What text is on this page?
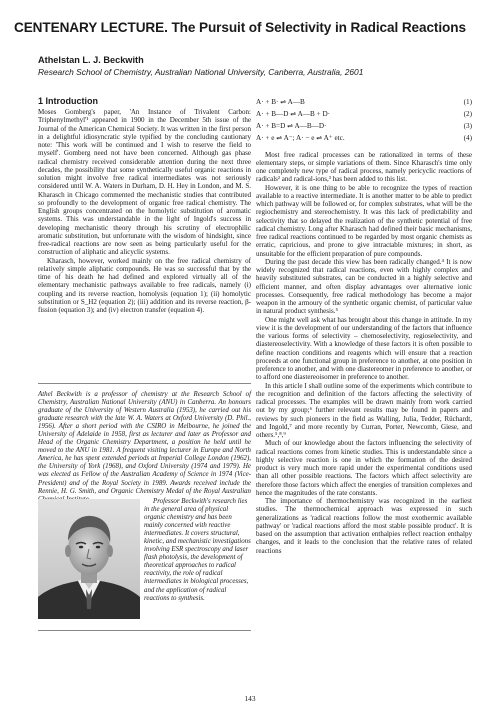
CENTENARY LECTURE. The Pursuit of Selectivity in Radical Reactions
Athelstan L. J. Beckwith
Research School of Chemistry, Australian National University, Canberra, Australia, 2601
1 Introduction

Moses Gomberg's paper, 'An Instance of Trivalent Carbon: Triphenylmethyl'¹ appeared in 1900 in the December 5th issue of the Journal of the American Chemical Society. It was written in the first person in a delightful idiosyncratic style typified by the concluding cautionary note: 'This work will be continued and I wish to reserve the field to myself'. Gomberg need not have been concerned. Although gas phase radical chemistry received considerable attention during the next three decades, the possibility that some synthetically useful organic reactions in solution might involve free radical intermediates was not seriously considered until W. A. Waters in Durham, D. H. Hey in London, and M. S. Kharasch in Chicago commented the mechanistic studies that contributed so profoundly to the development of organic free radical chemistry. The English groups concentrated on the homolytic substitution of aromatic systems. This was understandable in the light of Ingold's success in developing mechanistic theory through his scrutiny of electrophilic aromatic substitution, but unfortunate with the wisdom of hindsight, since free-radical reactions are now seen as being particularly useful for the construction of aliphatic and alicyclic systems.

Kharasch, however, worked mainly on the free radical chemistry of relatively simple aliphatic compounds. He was so successful that by the time of his death he had defined and explored virtually all of the elementary mechanistic pathways available to free radicals, namely (i) coupling and its reverse reaction, homolysis (equation 1); (ii) homolytic substitution or S_H2 (equation 2); (iii) addition and its reverse reaction, β-fission (equation 3); and (iv) electron transfer (equation 4).

Athel Beckwith is a professor of chemistry at the Research School of Chemistry, Australian National University (ANU) in Canberra. An honours graduate of the University of Western Australia (1953), he carried out his graduate research with the late W. A. Waters at Oxford University (D. Phil., 1956). After a short period with the CSIRO in Melbourne, he joined the University of Adelaide in 1958, first as lecturer and later as Professor and Head of the Organic Chemistry Department, a position he held until he moved to the ANU in 1981. A frequent visiting lecturer in Europe and North America, he has spent extended periods at Imperial College London (1962), the University of York (1968), and Oxford University (1974 and 1979). He was elected as Fellow of the Australian Academy of Science in 1974 (Vice-President) and of the Royal Society in 1989. Awards received include the Rennie, H. G. Smith, and Organic Chemistry Medal of the Royal Australian
Professor Beckwith's research lies in the general area of physical organic chemistry and has been mainly concerned with reactive intermediates. It covers structural, kinetic, and mechanistic investigations involving ESR spectroscopy and laser flash photolysis, the development of theoretical approaches to radical reactivity, the role of radical intermediates in biological processes, and the application of radical reactions to synthesis.
A· + B· ⇌ A—B	(1)
A· + B—D ⇌ A—B + D·	(2)
A· + B=D ⇌ A—B—D·	(3)
A· + e ⇌ A⁻; A· − e ⇌ A⁺ etc.	(4)

Most free radical processes can be rationalized in terms of these elementary steps, or simple variations of them. Since Kharasch's time only one completely new type of radical process, namely pericyclic reactions of radicals² and radical-ions,³ has been added to this list.

However, it is one thing to be able to recognize the types of reaction available to a reactive intermediate. It is another matter to be able to predict which pathway will be followed or, for complex substrates, what will be the regiochemistry and stereochemistry. It was this lack of predictability and selectivity that so delayed the realization of the synthetic potential of free radical chemistry. Long after Kharasch had defined their basic mechanisms, free radical reactions continued to be regarded by most organic chemists as erratic, capricious, and prone to give intractable mixtures; in short, as unsuitable for the efficient preparation of pure compounds.

During the past decade this view has been radically changed.⁴ It is now widely recognized that radical reactions, even with highly complex and heavily substituted substrates, can be conducted in a highly selective and efficient manner, and often display advantages over alternative ionic processes. Consequently, free radical methodology has become a major weapon in the armoury of the synthetic organic chemist, of particular value in natural product synthesis.⁵

One might well ask what has brought about this change in attitude. In my view it is the development of our understanding of the factors that influence the various forms of selectivity – chemoselectivity, regioselectivity, and diastereoselectivity. With a knowledge of these factors it is often possible to define reaction conditions and reagents which will ensure that a reaction proceeds at one functional group in preference to another, at one position in preference to another, and with one diastereomer in preference to another, or to afford one diastereoisomer in preference to another.

In this article I shall outline some of the experiments which contribute to the recognition and definition of the factors affecting the selectivity of radical processes. The examples will be drawn mainly from work carried out by my group;⁶ further relevant results may be found in papers and reviews by such pioneers in the field as Walling, Julia, Tedder, Rüchardt, and Ingold,⁷ and more recently by Curran, Porter, Newcomb, Giese, and others.⁵,⁸,⁹

Much of our knowledge about the factors influencing the selectivity of radical reactions comes from kinetic studies. This is understandable since a highly selective reaction is one in which the formation of the desired product is very much more rapid under the experimental conditions used than all other possible reactions. The factors which affect selectivity are therefore those factors which affect the energies of transition complexes and hence the magnitudes of the rate constants.

The importance of thermochemistry was recognized in the earliest studies. The thermochemical approach was expressed in such generalizations as 'radical reactions follow the most exothermic available pathway' or 'radical reactions afford the most stable possible product'. It is based on the assumption that activation enthalpies reflect reaction enthalpy changes, and it leads to the conclusion that the relative rates of related reactions

143
